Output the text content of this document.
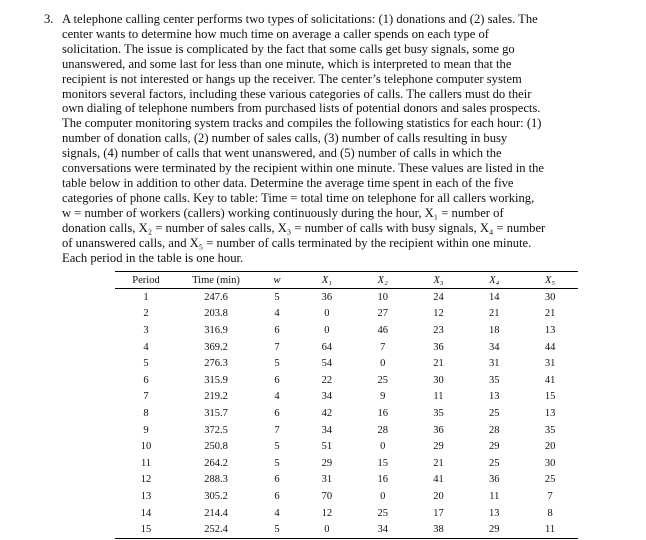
3. A telephone calling center performs two types of solicitations: (1) donations and (2) sales. The
center wants to determine how much time on average a caller spends on each type of
solicitation. The issue is complicated by the fact that some calls get busy signals, some go
unanswered, and some last for less than one minute, which is interpreted to mean that the
recipient is not interested or hangs up the receiver. The center’s telephone computer system
monitors several factors, including these various categories of calls. The callers must do their
own dialing of telephone numbers from purchased lists of potential donors and sales prospects.
The computer monitoring system tracks and compiles the following statistics for each hour: (1)
number of donation calls, (2) number of sales calls, (3) number of calls resulting in busy
signals, (4) number of calls that went unanswered, and (5) number of calls in which the
conversations were terminated by the recipient within one minute. These values are listed in the
table below in addition to other data. Determine the average time spent in each of the five
categories of phone calls. Key to table: Time = total time on telephone for all callers working,
w = number of workers (callers) working continuously during the hour, X₁ = number of
donation calls, X₂ = number of sales calls, X₃ = number of calls with busy signals, X₄ = number
of unanswered calls, and X₅ = number of calls terminated by the recipient within one minute.
Each period in the table is one hour.
Period	Time (min)	w	X₁	X₂	X₃	X₄	X₅
1	247.6	5	36	10	24	14	30
2	203.8	4	0	27	12	21	21
3	316.9	6	0	46	23	18	13
4	369.2	7	64	7	36	34	44
5	276.3	5	54	0	21	31	31
6	315.9	6	22	25	30	35	41
7	219.2	4	34	9	11	13	15
8	315.7	6	42	16	35	25	13
9	372.5	7	34	28	36	28	35
10	250.8	5	51	0	29	29	20
11	264.2	5	29	15	21	25	30
12	288.3	6	31	16	41	36	25
13	305.2	6	70	0	20	11	7
14	214.4	4	12	25	17	13	8
15	252.4	5	0	34	38	29	11
